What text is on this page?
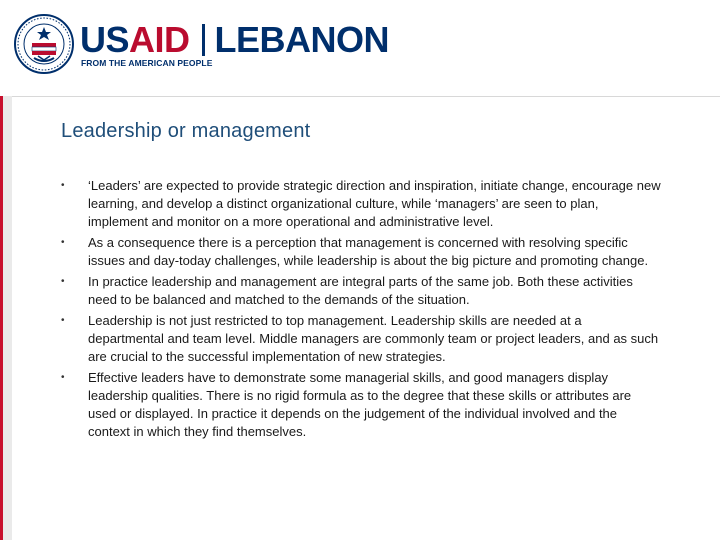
USAID LEBANON
FROM THE AMERICAN PEOPLE
Leadership or management
• ‘Leaders’ are expected to provide strategic direction and inspiration, initiate change, encourage new learning, and develop a distinct organizational culture, while ‘managers’ are seen to plan, implement and monitor on a more operational and administrative level.
• As a consequence there is a perception that management is concerned with resolving specific issues and day-today challenges, while leadership is about the big picture and promoting change.
• In practice leadership and management are integral parts of the same job. Both these activities need to be balanced and matched to the demands of the situation.
• Leadership is not just restricted to top management. Leadership skills are needed at a departmental and team level. Middle managers are commonly team or project leaders, and as such are crucial to the successful implementation of new strategies.
• Effective leaders have to demonstrate some managerial skills, and good managers display leadership qualities. There is no rigid formula as to the degree that these skills or attributes are used or displayed. In practice it depends on the judgement of the individual involved and the context in which they find themselves.
